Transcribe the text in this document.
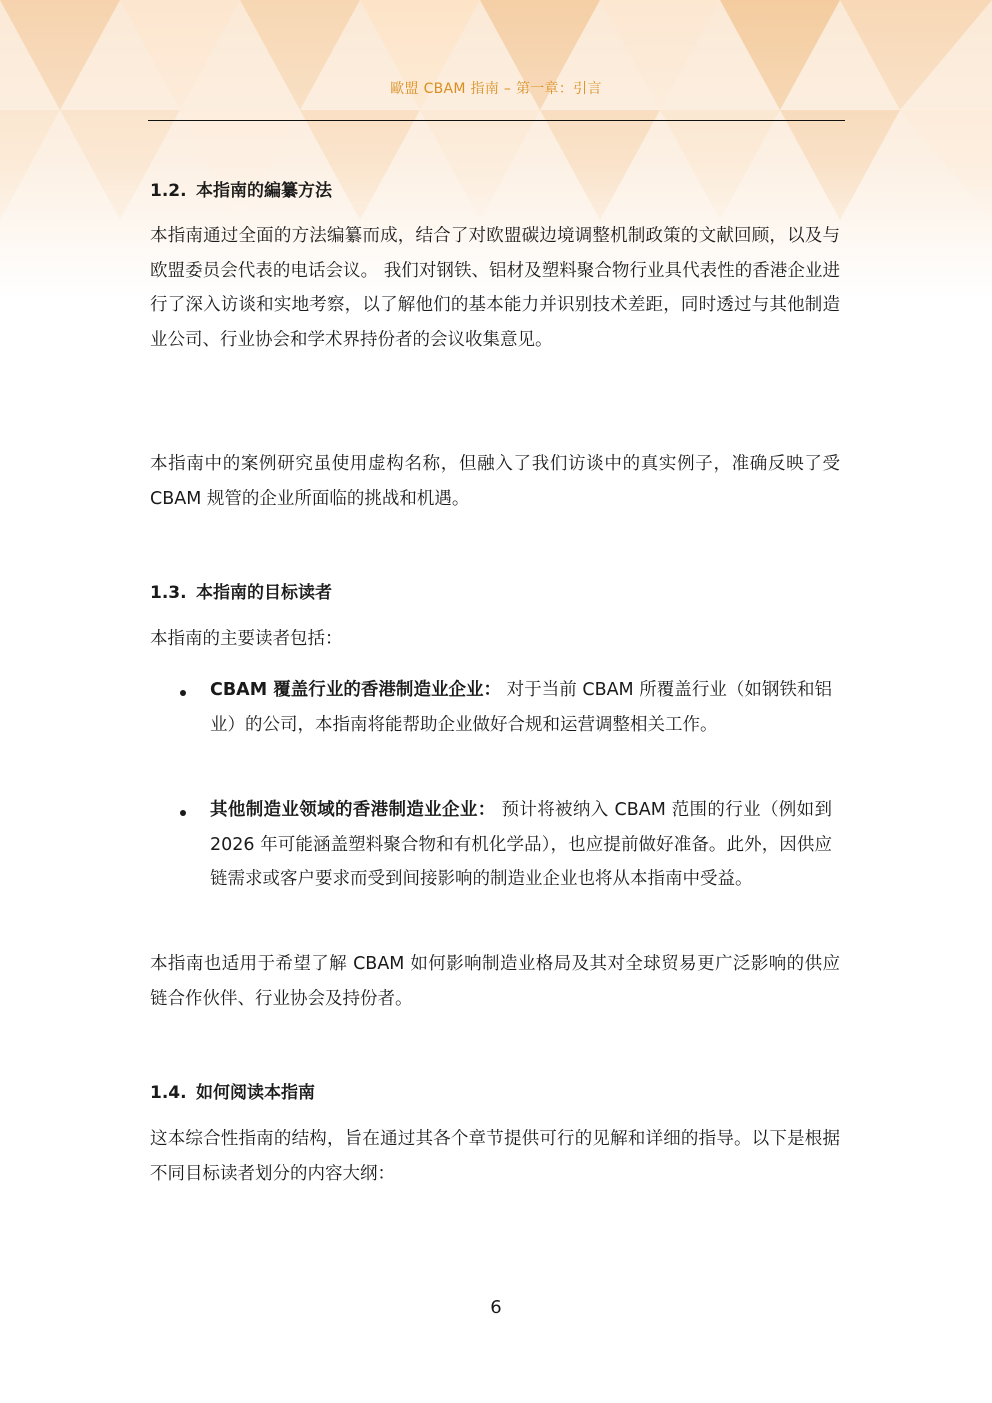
歐盟 CBAM 指南 – 第一章：引言
1.2. 本指南的編纂方法
本指南通过全面的方法编纂而成，结合了对欧盟碳边境调整机制政策的文献回顾，以及与欧盟委员会代表的电话会议。 我们对钢铁、铝材及塑料聚合物行业具代表性的香港企业进行了深入访谈和实地考察，以了解他们的基本能力并识别技术差距，同时透过与其他制造业公司、行业协会和学术界持份者的会议收集意见。
本指南中的案例研究虽使用虚构名称，但融入了我们访谈中的真实例子，准确反映了受 CBAM 规管的企业所面临的挑战和机遇。
1.3. 本指南的目标读者
本指南的主要读者包括：
CBAM 覆盖行业的香港制造业企业： 对于当前 CBAM 所覆盖行业（如钢铁和铝业）的公司，本指南将能帮助企业做好合规和运营调整相关工作。
其他制造业领域的香港制造业企业： 预计将被纳入 CBAM 范围的行业（例如到 2026 年可能涵盖塑料聚合物和有机化学品），也应提前做好准备。此外，因供应链需求或客户要求而受到间接影响的制造业企业也将从本指南中受益。
本指南也适用于希望了解 CBAM 如何影响制造业格局及其对全球贸易更广泛影响的供应链合作伙伴、行业协会及持份者。
1.4. 如何阅读本指南
这本综合性指南的结构，旨在通过其各个章节提供可行的见解和详细的指导。以下是根据不同目标读者划分的内容大纲：
6
